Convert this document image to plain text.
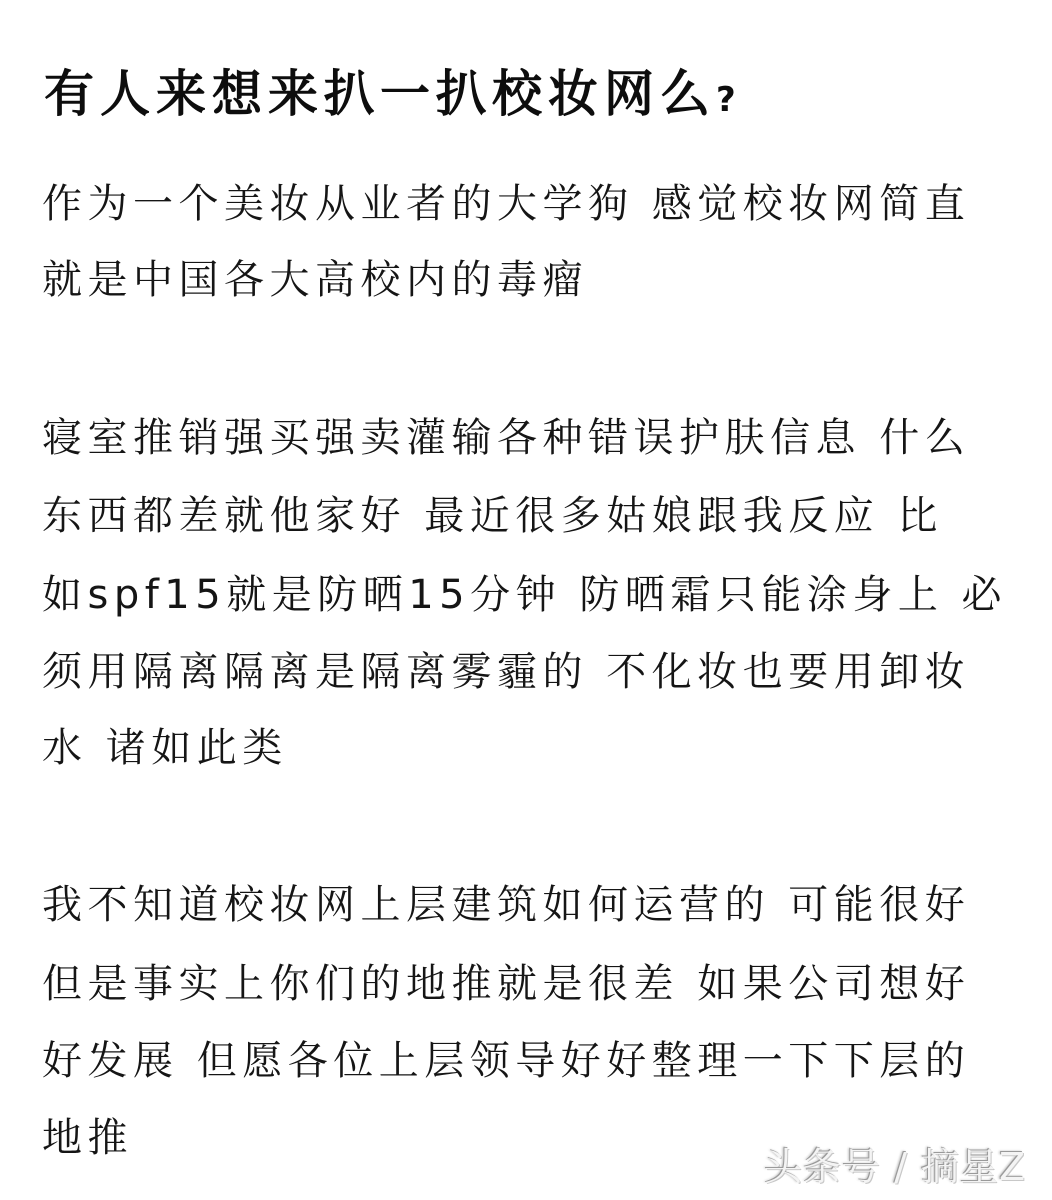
有人来想来扒一扒校妆网么?

作为一个美妆从业者的大学狗 感觉校妆网简直

就是中国各大高校内的毒瘤

寝室推销强买强卖灌输各种错误护肤信息 什么

东西都差就他家好 最近很多姑娘跟我反应 比

如spf15就是防晒15分钟 防晒霜只能涂身上 必

须用隔离隔离是隔离雾霾的 不化妆也要用卸妆

水 诸如此类

我不知道校妆网上层建筑如何运营的 可能很好

但是事实上你们的地推就是很差 如果公司想好

好发展 但愿各位上层领导好好整理一下下层的

地推

头条号 / 摘星Z
